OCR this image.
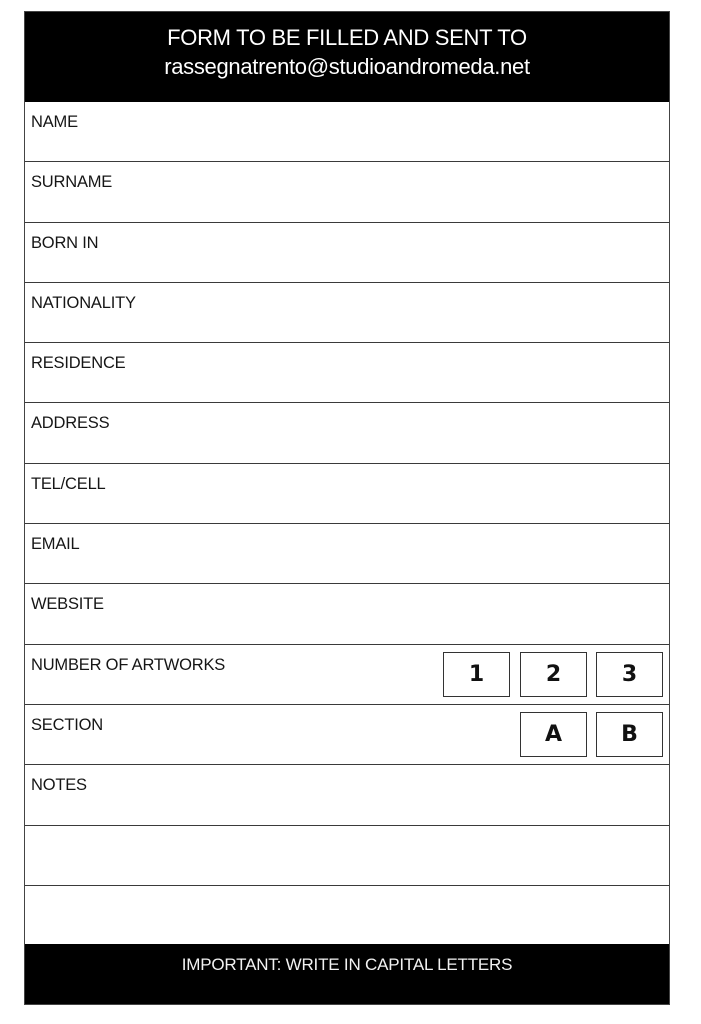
FORM TO BE FILLED AND SENT TO
rassegnatrento@studioandromeda.net
NAME
SURNAME
BORN IN
NATIONALITY
RESIDENCE
ADDRESS
TEL/CELL
EMAIL
WEBSITE
NUMBER OF ARTWORKS	1	2	3
SECTION	A	B
NOTES
IMPORTANT: WRITE IN CAPITAL LETTERS
